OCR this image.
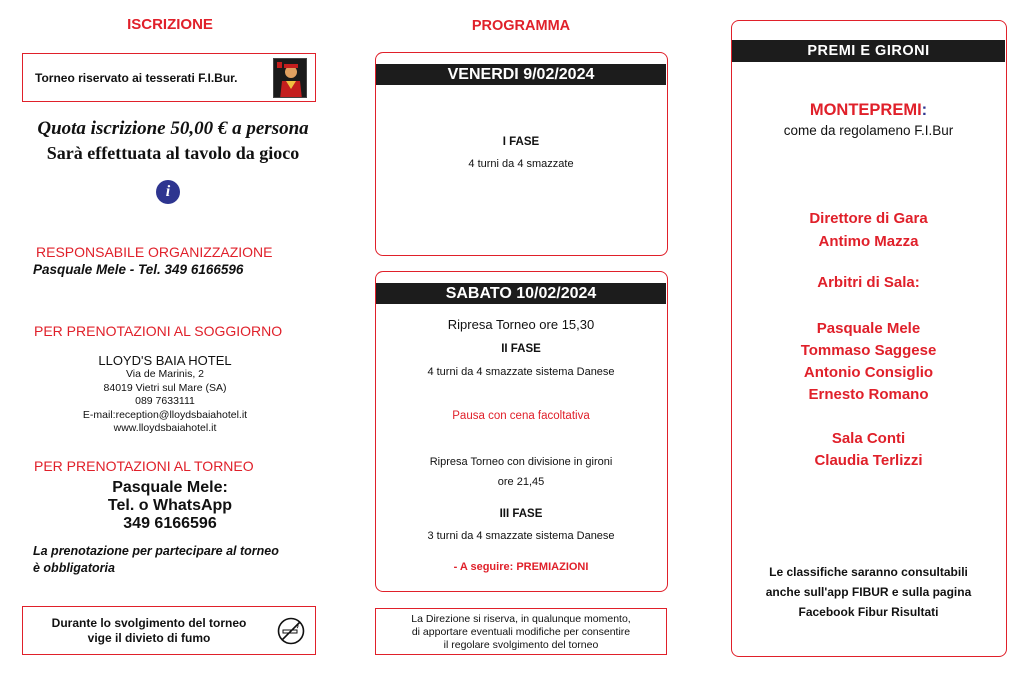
ISCRIZIONE
Torneo riservato ai tesserati F.I.Bur.
Quota iscrizione 50,00 € a persona
Sarà effettuata al tavolo da gioco
i
RESPONSABILE ORGANIZZAZIONE
Pasquale Mele - Tel. 349 6166596
PER PRENOTAZIONI AL SOGGIORNO
LLOYD'S BAIA HOTEL
Via de Marinis, 2
84019 Vietri sul Mare (SA)
089 7633111
E-mail:reception@lloydsbaiahotel.it
www.lloydsbaiahotel.it
PER PRENOTAZIONI AL TORNEO
Pasquale Mele:
Tel. o WhatsApp
349 6166596
La prenotazione per partecipare al torneo
è obbligatoria
Durante lo svolgimento del torneo
vige il divieto di fumo
PROGRAMMA
VENERDI 9/02/2024
I FASE
4 turni da 4 smazzate
SABATO 10/02/2024
Ripresa Torneo ore 15,30
II FASE
4 turni da 4 smazzate sistema Danese
Pausa con cena facoltativa
Ripresa Torneo con divisione in gironi
ore 21,45
III FASE
3 turni da 4 smazzate sistema Danese
- A seguire: PREMIAZIONI
La Direzione si riserva, in qualunque momento,
di apportare eventuali modifiche per consentire
il regolare svolgimento del torneo
PREMI E GIRONI
MONTEPREMI:
come da regolameno F.I.Bur
Direttore di Gara
Antimo Mazza
Arbitri di Sala:
Pasquale Mele
Tommaso Saggese
Antonio Consiglio
Ernesto Romano
Sala Conti
Claudia Terlizzi
Le classifiche saranno consultabili
anche sull'app FIBUR e sulla pagina
Facebook Fibur Risultati
